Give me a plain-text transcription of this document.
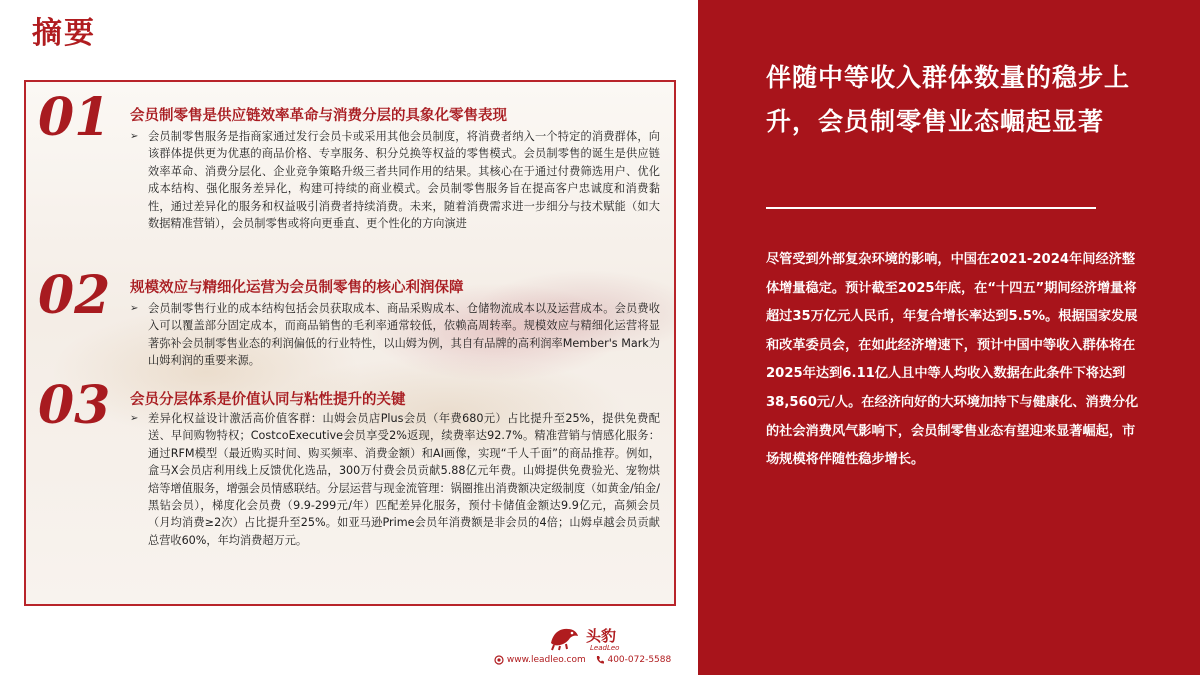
摘要
01 会员制零售是供应链效率革命与消费分层的具象化零售表现
➢ 会员制零售服务是指商家通过发行会员卡或采用其他会员制度，将消费者纳入一个特定的消费群体，向该群体提供更为优惠的商品价格、专享服务、积分兑换等权益的零售模式。会员制零售的诞生是供应链效率革命、消费分层化、企业竞争策略升级三者共同作用的结果。其核心在于通过付费筛选用户、优化成本结构、强化服务差异化，构建可持续的商业模式。会员制零售服务旨在提高客户忠诚度和消费黏性，通过差异化的服务和权益吸引消费者持续消费。未来，随着消费需求进一步细分与技术赋能（如大数据精准营销），会员制零售或将向更垂直、更个性化的方向演进
02 规模效应与精细化运营为会员制零售的核心利润保障
➢ 会员制零售行业的成本结构包括会员获取成本、商品采购成本、仓储物流成本以及运营成本。会员费收入可以覆盖部分固定成本，而商品销售的毛利率通常较低，依赖高周转率。规模效应与精细化运营将显著弥补会员制零售业态的利润偏低的行业特性，以山姆为例，其自有品牌的高利润率Member's Mark为山姆利润的重要来源。
03 会员分层体系是价值认同与粘性提升的关键
➢ 差异化权益设计激活高价值客群：山姆会员店Plus会员（年费680元）占比提升至25%，提供免费配送、早间购物特权；CostcoExecutive会员享受2%返现，续费率达92.7%。精准营销与情感化服务：通过RFM模型（最近购买时间、购买频率、消费金额）和AI画像，实现“千人千面”的商品推荐。例如，盒马X会员店利用线上反馈优化选品，300万付费会员贡献5.88亿元年费。山姆提供免费验光、宠物烘焙等增值服务，增强会员情感联结。分层运营与现金流管理：锅圈推出消费额决定级制度（如黄金/铂金/黑钻会员），梯度化会员费（9.9-299元/年）匹配差异化服务，预付卡储值金额达9.9亿元，高频会员（月均消费≥2次）占比提升至25%。如亚马逊Prime会员年消费额是非会员的4倍；山姆卓越会员贡献总营收60%，年均消费超万元。
头豹
LeadLeo
www.leadleo.com 400-072-5588
伴随中等收入群体数量的稳步上升，会员制零售业态崛起显著
尽管受到外部复杂环境的影响，中国在2021-2024年间经济整体增量稳定。预计截至2025年底，在“十四五”期间经济增量将超过35万亿元人民币，年复合增长率达到5.5%。根据国家发展和改革委员会，在如此经济增速下，预计中国中等收入群体将在2025年达到6.11亿人且中等人均收入数据在此条件下将达到38,560元/人。在经济向好的大环境加持下与健康化、消费分化的社会消费风气影响下，会员制零售业态有望迎来显著崛起，市场规模将伴随性稳步增长。
